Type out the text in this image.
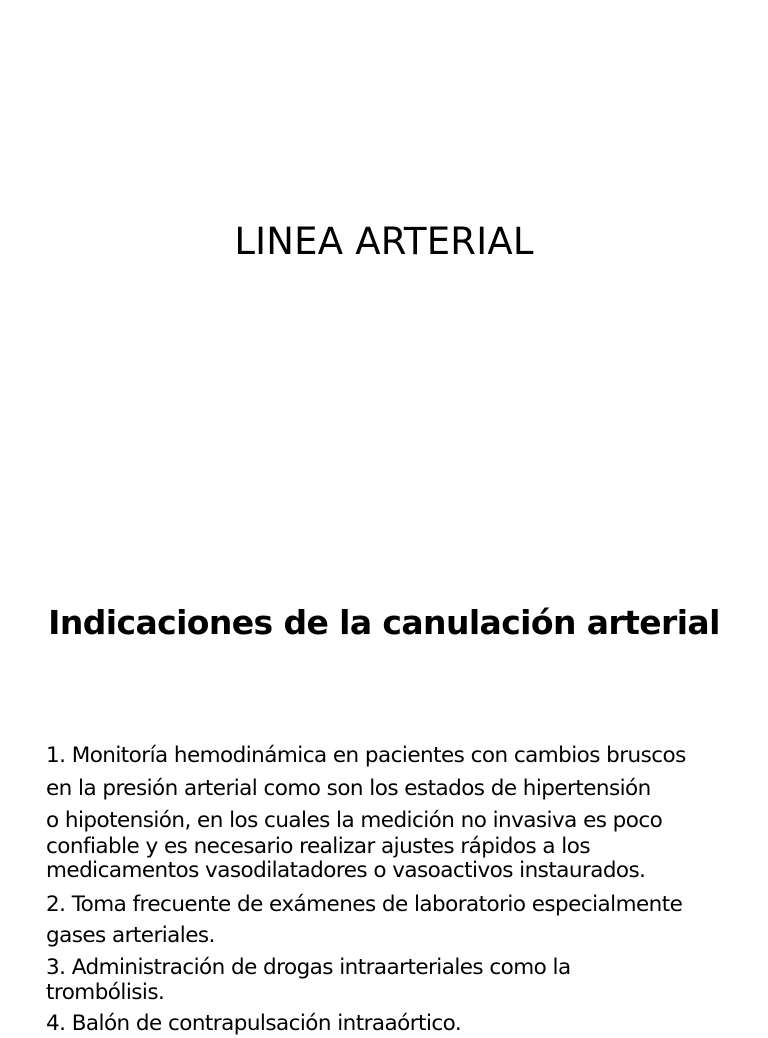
LINEA ARTERIAL
Indicaciones de la canulación arterial
1. Monitoría hemodinámica en pacientes con cambios bruscos
en la presión arterial como son los estados de hipertensión
o hipotensión, en los cuales la medición no invasiva es poco
confiable y es necesario realizar ajustes rápidos a los
medicamentos vasodilatadores o vasoactivos instaurados.
2. Toma frecuente de exámenes de laboratorio especialmente
gases arteriales.
3. Administración de drogas intraarteriales como la
trombólisis.
4. Balón de contrapulsación intraaórtico.
